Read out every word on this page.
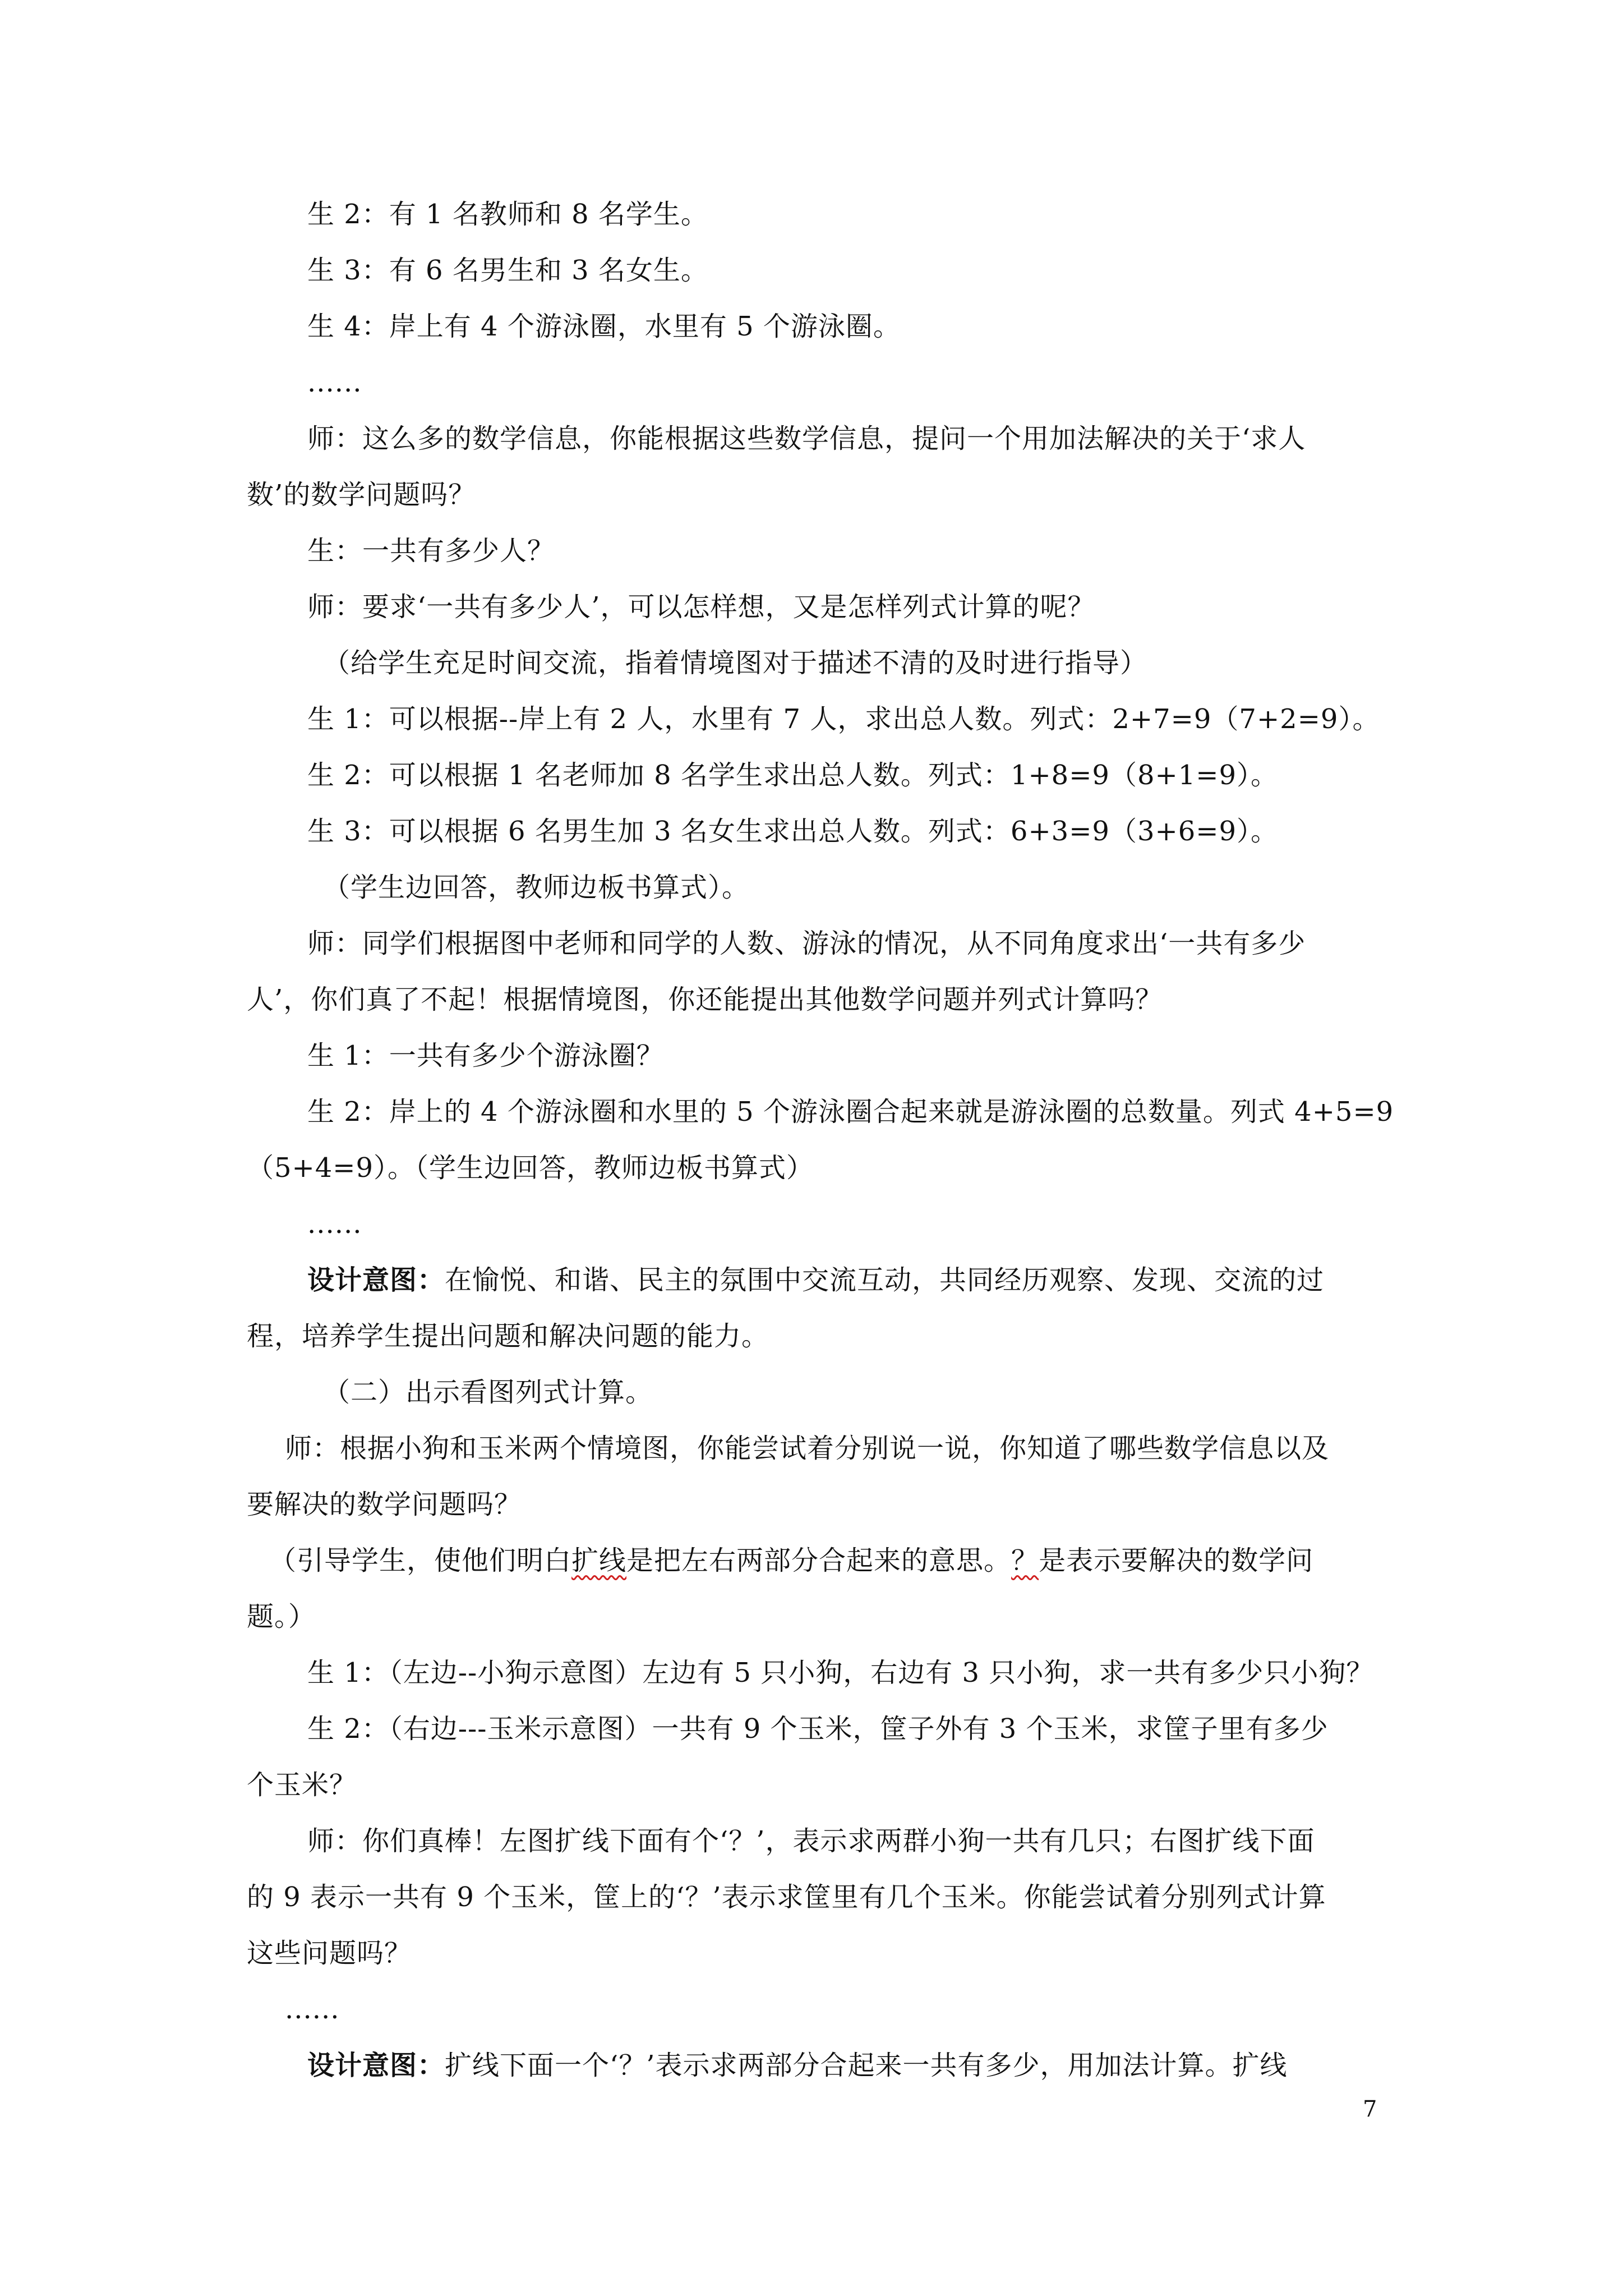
生 2：有 1 名教师和 8 名学生。
生 3：有 6 名男生和 3 名女生。
生 4：岸上有 4 个游泳圈，水里有 5 个游泳圈。
......
师：这么多的数学信息，你能根据这些数学信息，提问一个用加法解决的关于‘求人
数’的数学问题吗？
生：一共有多少人？
师：要求‘一共有多少人’，可以怎样想，又是怎样列式计算的呢？
（给学生充足时间交流，指着情境图对于描述不清的及时进行指导）
生 1：可以根据--岸上有 2 人，水里有 7 人，求出总人数。列式：2+7=9（7+2=9）。
生 2：可以根据 1 名老师加 8 名学生求出总人数。列式：1+8=9（8+1=9）。
生 3：可以根据 6 名男生加 3 名女生求出总人数。列式：6+3=9（3+6=9）。
（学生边回答，教师边板书算式）。
师：同学们根据图中老师和同学的人数、游泳的情况，从不同角度求出‘一共有多少
人’，你们真了不起！根据情境图，你还能提出其他数学问题并列式计算吗？
生 1：一共有多少个游泳圈？
生 2：岸上的 4 个游泳圈和水里的 5 个游泳圈合起来就是游泳圈的总数量。列式 4+5=9
（5+4=9）。（学生边回答，教师边板书算式）
......
设计意图：在愉悦、和谐、民主的氛围中交流互动，共同经历观察、发现、交流的过
程，培养学生提出问题和解决问题的能力。
（二）出示看图列式计算。
师：根据小狗和玉米两个情境图，你能尝试着分别说一说，你知道了哪些数学信息以及
要解决的数学问题吗？
（引导学生，使他们明白扩线是把左右两部分合起来的意思。？是表示要解决的数学问
题。）
生 1：（左边--小狗示意图）左边有 5 只小狗，右边有 3 只小狗，求一共有多少只小狗？
生 2：（右边---玉米示意图）一共有 9 个玉米，筐子外有 3 个玉米，求筐子里有多少
个玉米？
师：你们真棒！左图扩线下面有个‘？’，表示求两群小狗一共有几只；右图扩线下面
的 9 表示一共有 9 个玉米，筐上的‘？’表示求筐里有几个玉米。你能尝试着分别列式计算
这些问题吗？
......
设计意图：扩线下面一个‘？’表示求两部分合起来一共有多少，用加法计算。扩线
7
